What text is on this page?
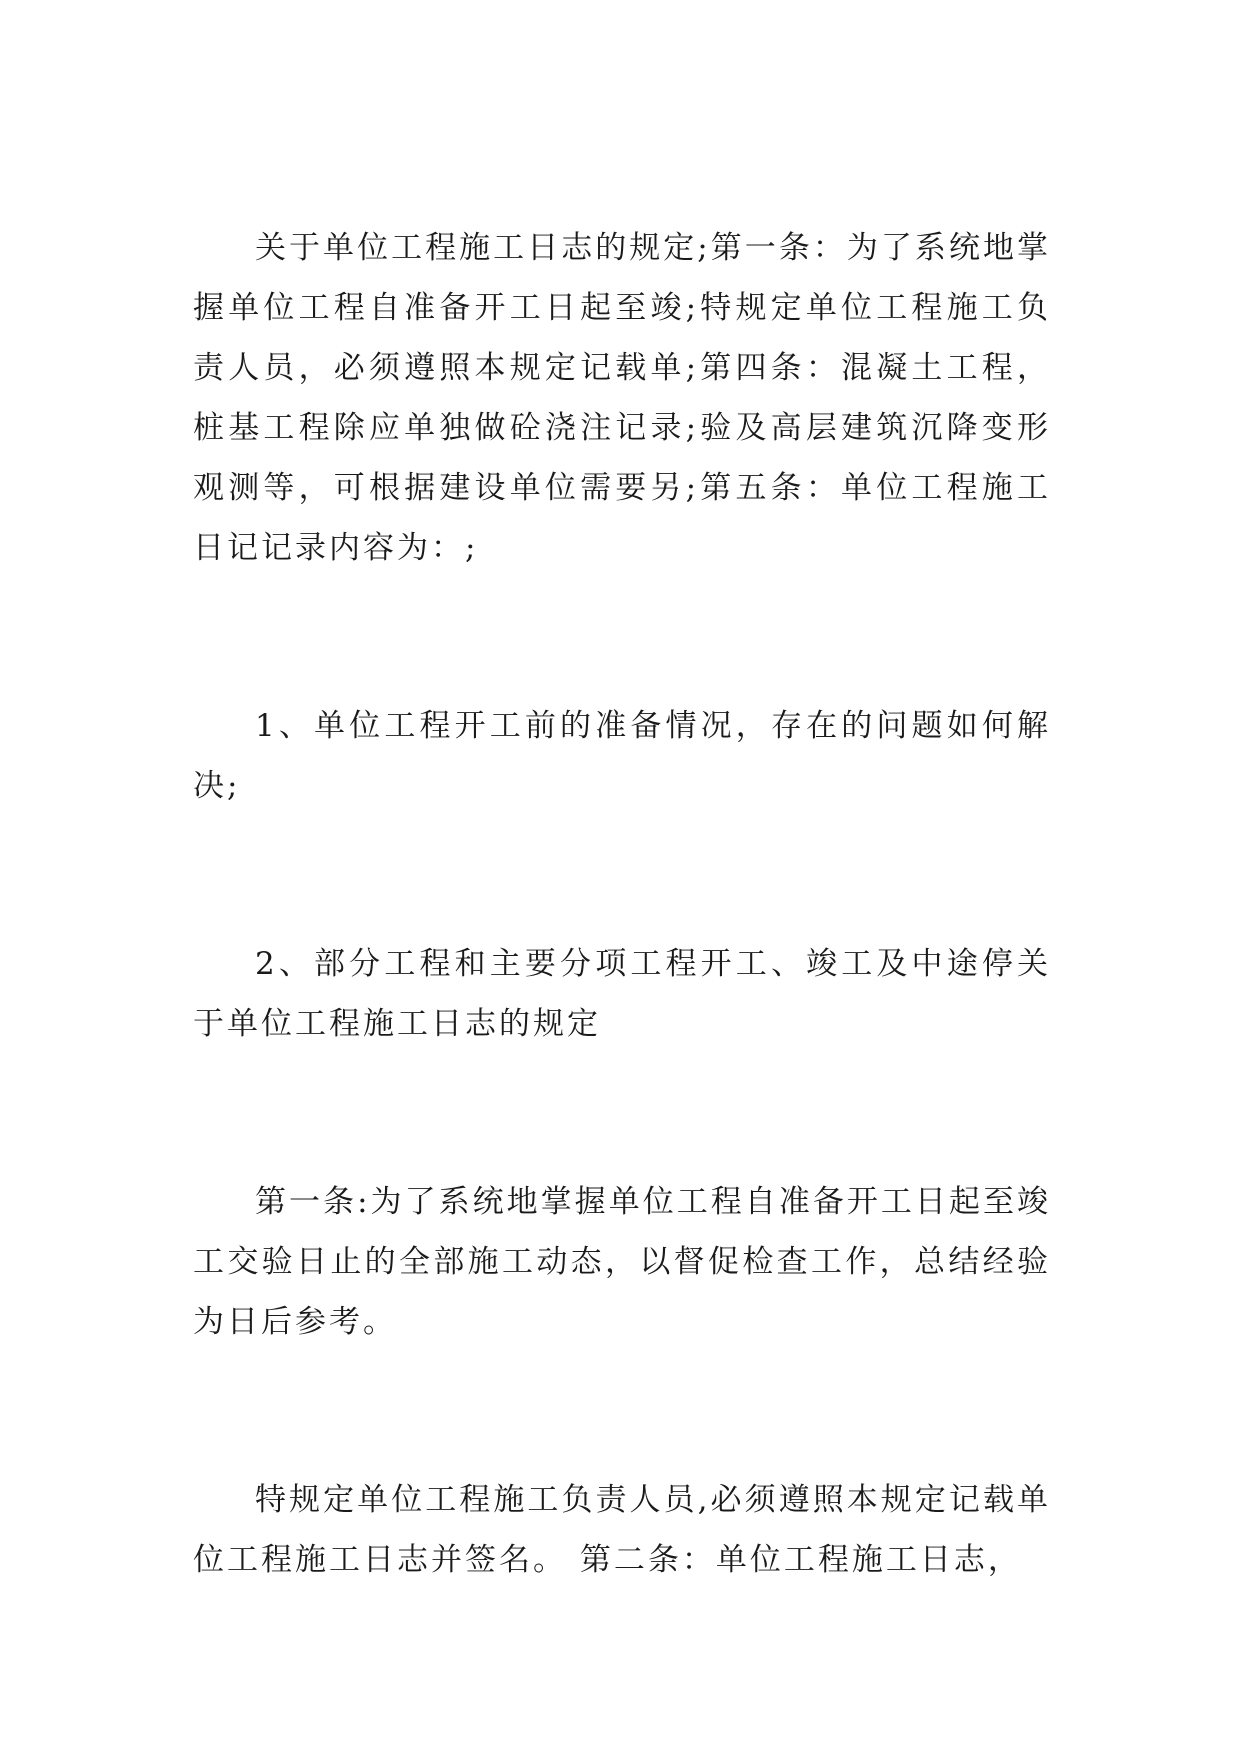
关于单位工程施工日志的规定;第一条：为了系统地掌握单位工程自准备开工日起至竣;特规定单位工程施工负责人员，必须遵照本规定记载单;第四条：混凝土工程，桩基工程除应单独做砼浇注记录;验及高层建筑沉降变形观测等，可根据建设单位需要另;第五条：单位工程施工日记记录内容为：;

1、单位工程开工前的准备情况，存在的问题如何解决;

2、部分工程和主要分项工程开工、竣工及中途停关于单位工程施工日志的规定

第一条:为了系统地掌握单位工程自准备开工日起至竣工交验日止的全部施工动态，以督促检查工作，总结经验为日后参考。

特规定单位工程施工负责人员,必须遵照本规定记载单位工程施工日志并签名。 第二条：单位工程施工日志，
